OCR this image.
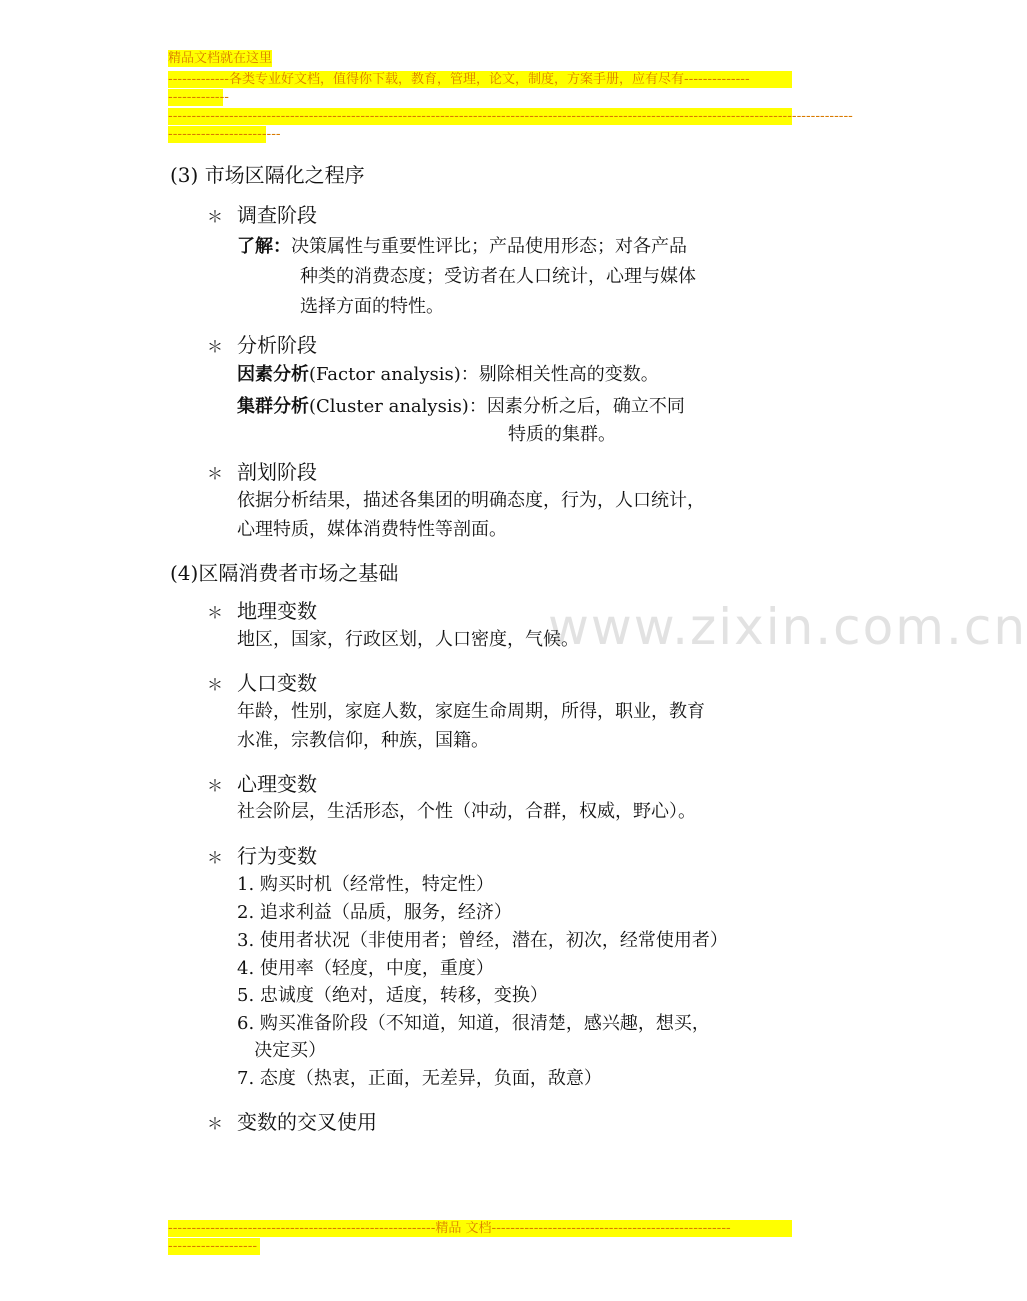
精品文档就在这里
-------------各类专业好文档，值得你下载，教育，管理，论文，制度，方案手册，应有尽有--------------
-------------
--------------------------------------------------------------------------------------------------------------------------------------------------
------------------------
www.zixin.com.cn
(3) 市场区隔化之程序
＊ 调查阶段
了解：决策属性与重要性评比；产品使用形态；对各产品
种类的消费态度；受访者在人口统计，心理与媒体
选择方面的特性。
＊ 分析阶段
因素分析(Factor analysis)：剔除相关性高的变数。
集群分析(Cluster analysis)：因素分析之后，确立不同
特质的集群。
＊ 剖划阶段
依据分析结果，描述各集团的明确态度，行为，人口统计，
心理特质，媒体消费特性等剖面。
(4)区隔消费者市场之基础
＊ 地理变数
地区，国家，行政区划，人口密度，气候。
＊ 人口变数
年龄，性别，家庭人数，家庭生命周期，所得，职业，教育
水准，宗教信仰，种族，国籍。
＊ 心理变数
社会阶层，生活形态，个性（冲动，合群，权威，野心）。
＊ 行为变数
1. 购买时机（经常性，特定性）
2. 追求利益（品质，服务，经济）
3. 使用者状况（非使用者；曾经，潜在，初次，经常使用者）
4. 使用率（轻度，中度，重度）
5. 忠诚度（绝对，适度，转移，变换）
6. 购买准备阶段（不知道，知道，很清楚，感兴趣，想买，
决定买）
7. 态度（热衷，正面，无差异，负面，敌意）
＊ 变数的交叉使用
---------------------------------------------------------精品 文档---------------------------------------------------
-------------------
